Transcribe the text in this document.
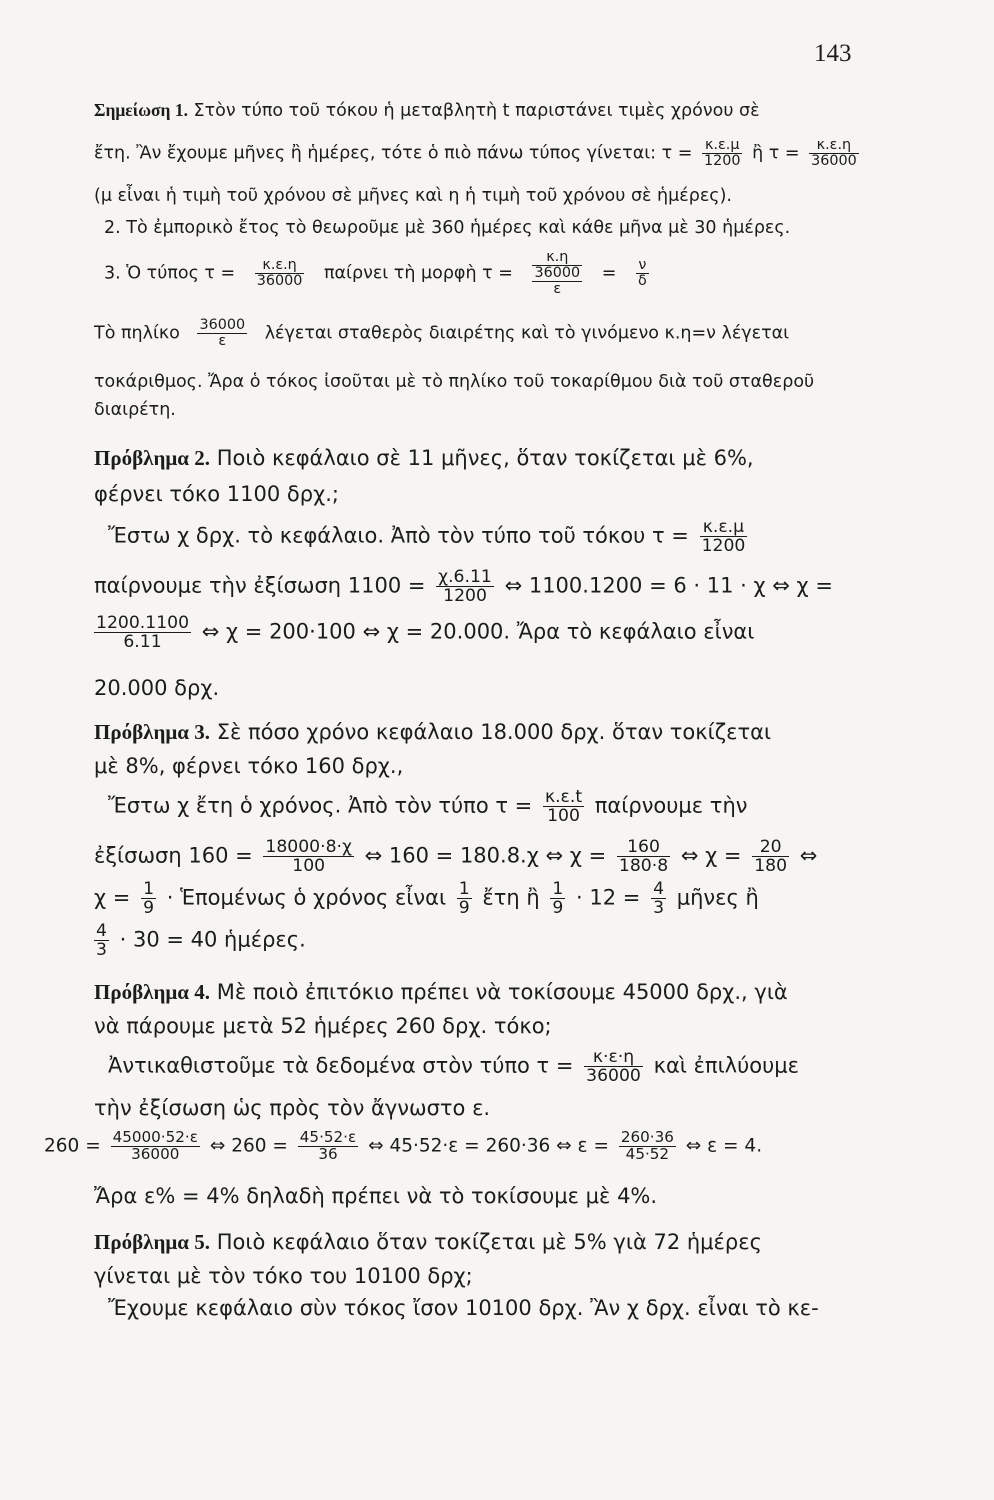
143
Σημείωση 1. Στὸν τύπο τοῦ τόκου ἡ μεταβλητὴ t παριστάνει τιμὲς χρόνου σὲ
ἔτη. Ἂν ἔχουμε μῆνες ἢ ἡμέρες, τότε ὁ πιὸ πάνω τύπος γίνεται: $\tau = \frac{\kappa.\varepsilon.\mu}{1200}$ ἢ $\tau = \frac{\kappa.\varepsilon.\eta}{36000}$
(μ εἶναι ἡ τιμὴ τοῦ χρόνου σὲ μῆνες καὶ η ἡ τιμὴ τοῦ χρόνου σὲ ἡμέρες).
2. Τὸ ἐμπορικὸ ἔτος τὸ θεωροῦμε μὲ 360 ἡμέρες καὶ κάθε μῆνα μὲ 30 ἡμέρες.
3. Ὁ τύπος $\tau = \frac{\kappa.\varepsilon.\eta}{36000}$ παίρνει τὴ μορφὴ τ =
κ.η
36000
ε
= $\frac{\nu}{\delta}$
Τὸ πηλίκο $\frac{36000}{\varepsilon}$ λέγεται σταθερὸς διαιρέτης καὶ τὸ γινόμενο κ.η=ν λέγεται
τοκάριθμος. Ἄρα ὁ τόκος ἰσοῦται μὲ τὸ πηλίκο τοῦ τοκαρίθμου διὰ τοῦ σταθεροῦ
διαιρέτη.
Πρόβλημα 2. Ποιὸ κεφάλαιο σὲ 11 μῆνες, ὅταν τοκίζεται μὲ 6%,
φέρνει τόκο 1100 δρχ.;
Ἔστω χ δρχ. τὸ κεφάλαιο. Ἀπὸ τὸν τύπο τοῦ τόκου $\tau = \frac{\kappa.\varepsilon.\mu}{1200}$
παίρνουμε τὴν ἐξίσωση $1100 = \frac{\chi.6.11}{1200}$ ⇔ 1100.1200 = 6 · 11 · χ ⇔ χ =
$\frac{1200.1100}{6.11}$ ⇔ χ = 200·100 ⇔ χ = 20.000. Ἄρα τὸ κεφάλαιο εἶναι
20.000 δρχ.
Πρόβλημα 3. Σὲ πόσο χρόνο κεφάλαιο 18.000 δρχ. ὅταν τοκίζεται
μὲ 8%, φέρνει τόκο 160 δρχ.,
Ἔστω χ ἔτη ὁ χρόνος. Ἀπὸ τὸν τύπο $\tau = \frac{\kappa.\varepsilon.t}{100}$ παίρνουμε τὴν
ἐξίσωση $160 = \frac{18000\cdot 8\cdot\chi}{100}$ ⇔ 160 = 180.8.χ ⇔ $\chi = \frac{160}{180\cdot 8}$ ⇔ $\chi = \frac{20}{180}$ ⇔
$\chi = \frac{1}{9}$ · Ἑπομένως ὁ χρόνος εἶναι $\frac{1}{9}$ ἔτη ἢ $\frac{1}{9} \cdot 12 = \frac{4}{3}$ μῆνες ἢ
$\frac{4}{3} \cdot 30 = 40$ ἡμέρες.
Πρόβλημα 4. Μὲ ποιὸ ἐπιτόκιο πρέπει νὰ τοκίσουμε 45000 δρχ., γιὰ
νὰ πάρουμε μετὰ 52 ἡμέρες 260 δρχ. τόκο;
Ἀντικαθιστοῦμε τὰ δεδομένα στὸν τύπο $\tau = \frac{\kappa\cdot\varepsilon\cdot\eta}{36000}$ καὶ ἐπιλύουμε
τὴν ἐξίσωση ὡς πρὸς τὸν ἄγνωστο ε.
$260 = \frac{45000\cdot 52\cdot\varepsilon}{36000}$ ⇔ $260 = \frac{45\cdot 52\cdot\varepsilon}{36}$ ⇔ 45·52·ε = 260·36 ⇔ $\varepsilon = \frac{260\cdot 36}{45\cdot 52}$ ⇔ ε = 4.
Ἄρα ε% = 4% δηλαδὴ πρέπει νὰ τὸ τοκίσουμε μὲ 4%.
Πρόβλημα 5. Ποιὸ κεφάλαιο ὅταν τοκίζεται μὲ 5% γιὰ 72 ἡμέρες
γίνεται μὲ τὸν τόκο του 10100 δρχ;
Ἔχουμε κεφάλαιο σὺν τόκος ἴσον 10100 δρχ. Ἂν χ δρχ. εἶναι τὸ κε-
